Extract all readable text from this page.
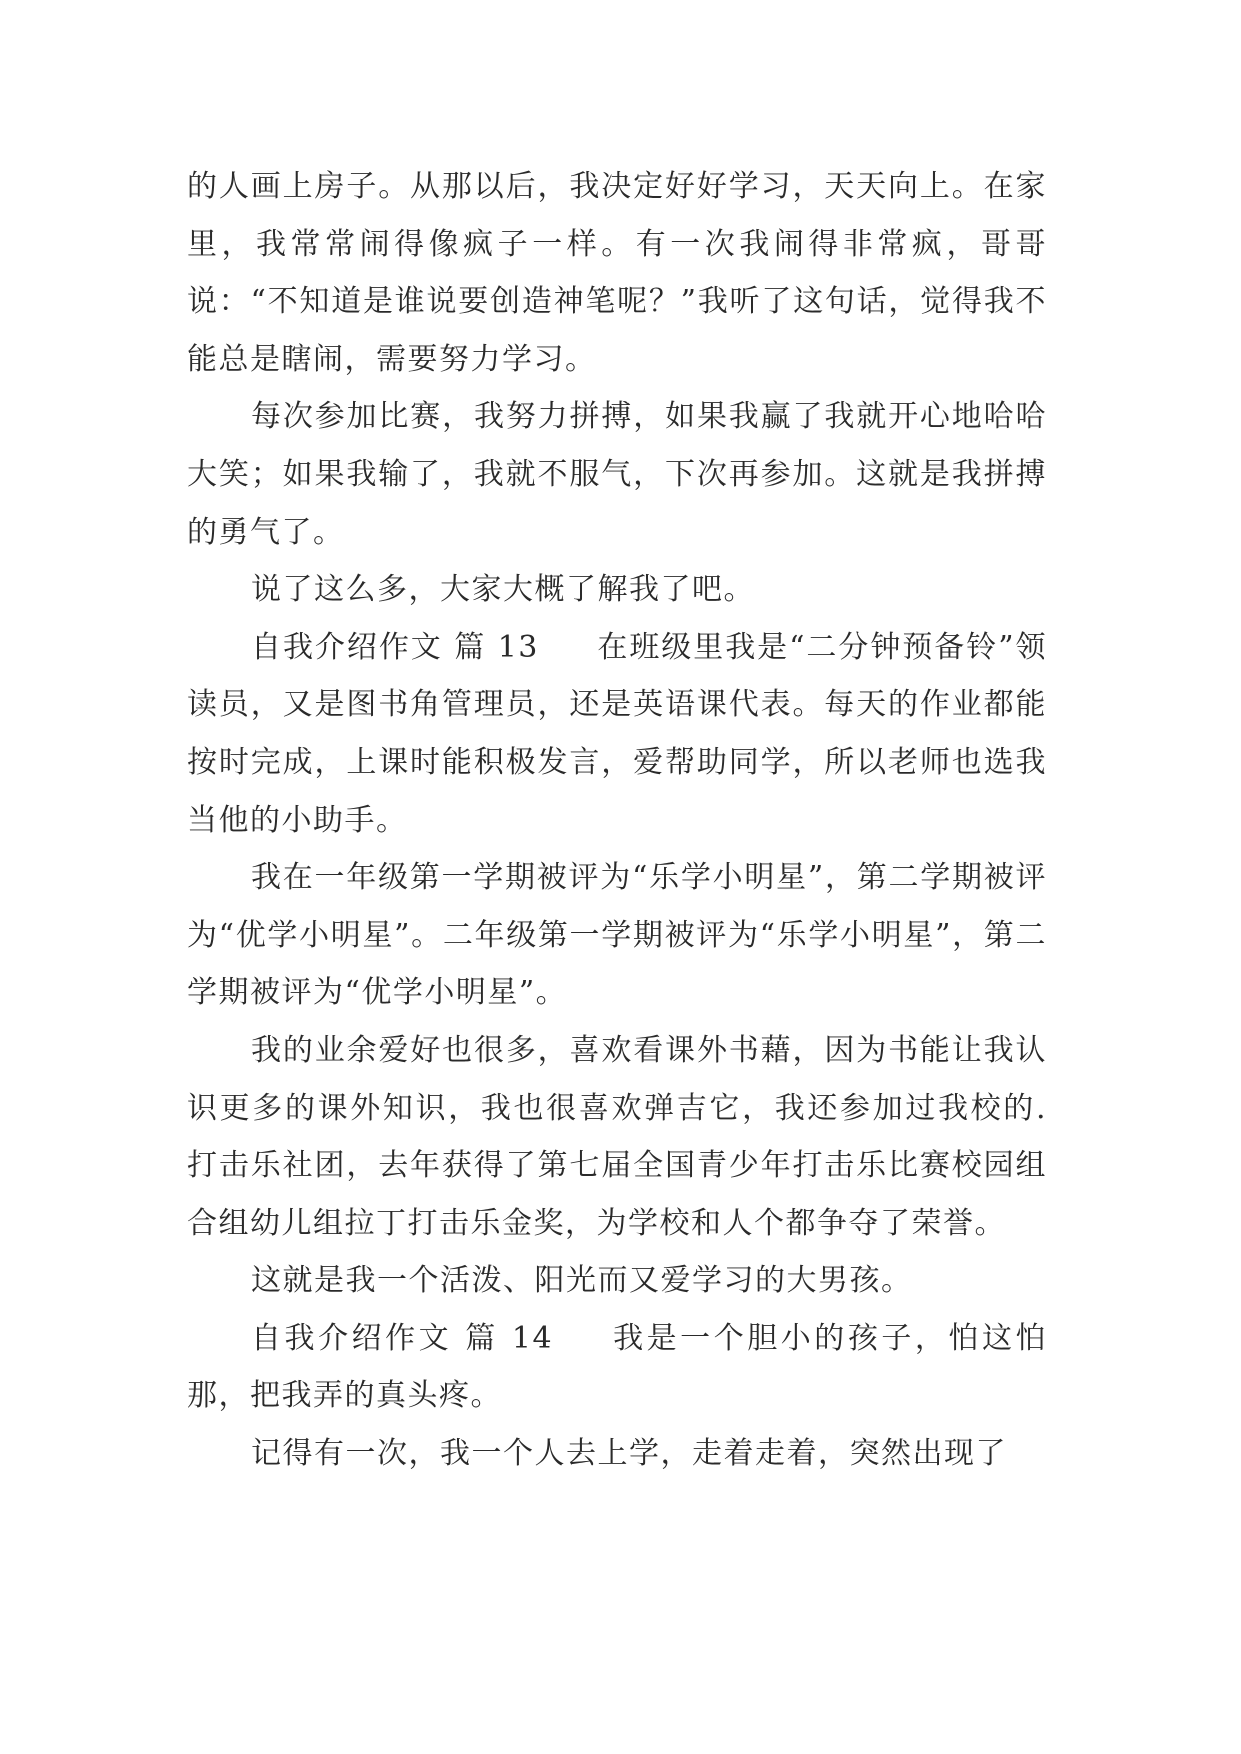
的人画上房子。从那以后，我决定好好学习，天天向上。在家里，我常常闹得像疯子一样。有一次我闹得非常疯，哥哥说：“不知道是谁说要创造神笔呢？”我听了这句话，觉得我不能总是瞎闹，需要努力学习。

每次参加比赛，我努力拼搏，如果我赢了我就开心地哈哈大笑；如果我输了，我就不服气，下次再参加。这就是我拼搏的勇气了。

说了这么多，大家大概了解我了吧。

自我介绍作文 篇 13 在班级里我是“二分钟预备铃”领读员，又是图书角管理员，还是英语课代表。每天的作业都能按时完成，上课时能积极发言，爱帮助同学，所以老师也选我当他的小助手。

我在一年级第一学期被评为“乐学小明星”，第二学期被评为“优学小明星”。二年级第一学期被评为“乐学小明星”，第二学期被评为“优学小明星”。

我的业余爱好也很多，喜欢看课外书藉，因为书能让我认识更多的课外知识，我也很喜欢弹吉它，我还参加过我校的.打击乐社团，去年获得了第七届全国青少年打击乐比赛校园组合组幼儿组拉丁打击乐金奖，为学校和人个都争夺了荣誉。

这就是我一个活泼、阳光而又爱学习的大男孩。

自我介绍作文 篇 14 我是一个胆小的孩子，怕这怕那，把我弄的真头疼。

记得有一次，我一个人去上学，走着走着，突然出现了
